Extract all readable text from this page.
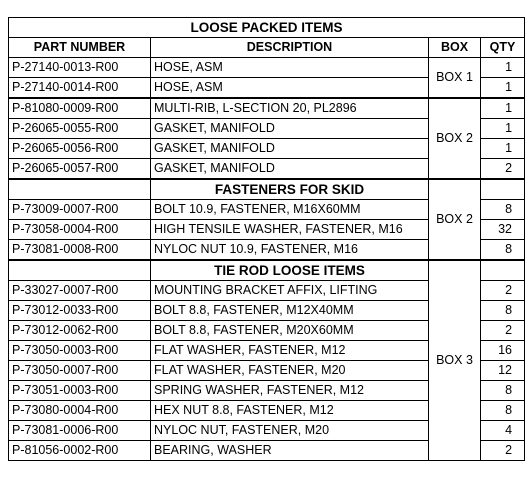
LOOSE PACKED ITEMS			
PART NUMBER	DESCRIPTION	BOX	QTY
P-27140-0013-R00	HOSE, ASM	BOX 1	1
P-27140-0014-R00	HOSE, ASM		1
P-81080-0009-R00	MULTI-RIB, L-SECTION 20, PL2896	BOX 2	1
P-26065-0055-R00	GASKET, MANIFOLD		1
P-26065-0056-R00	GASKET, MANIFOLD		1
P-26065-0057-R00	GASKET, MANIFOLD		2
	FASTENERS FOR SKID	BOX 2	
P-73009-0007-R00	BOLT 10.9, FASTENER, M16X60MM		8
P-73058-0004-R00	HIGH TENSILE WASHER, FASTENER, M16		32
P-73081-0008-R00	NYLOC NUT 10.9, FASTENER, M16		8
	TIE ROD LOOSE ITEMS	BOX 3	
P-33027-0007-R00	MOUNTING BRACKET AFFIX, LIFTING		2
P-73012-0033-R00	BOLT 8.8, FASTENER, M12X40MM		8
P-73012-0062-R00	BOLT 8.8, FASTENER, M20X60MM		2
P-73050-0003-R00	FLAT WASHER, FASTENER, M12		16
P-73050-0007-R00	FLAT WASHER, FASTENER, M20		12
P-73051-0003-R00	SPRING WASHER, FASTENER, M12		8
P-73080-0004-R00	HEX NUT 8.8, FASTENER, M12		8
P-73081-0006-R00	NYLOC NUT, FASTENER, M20		4
P-81056-0002-R00	BEARING, WASHER		2
